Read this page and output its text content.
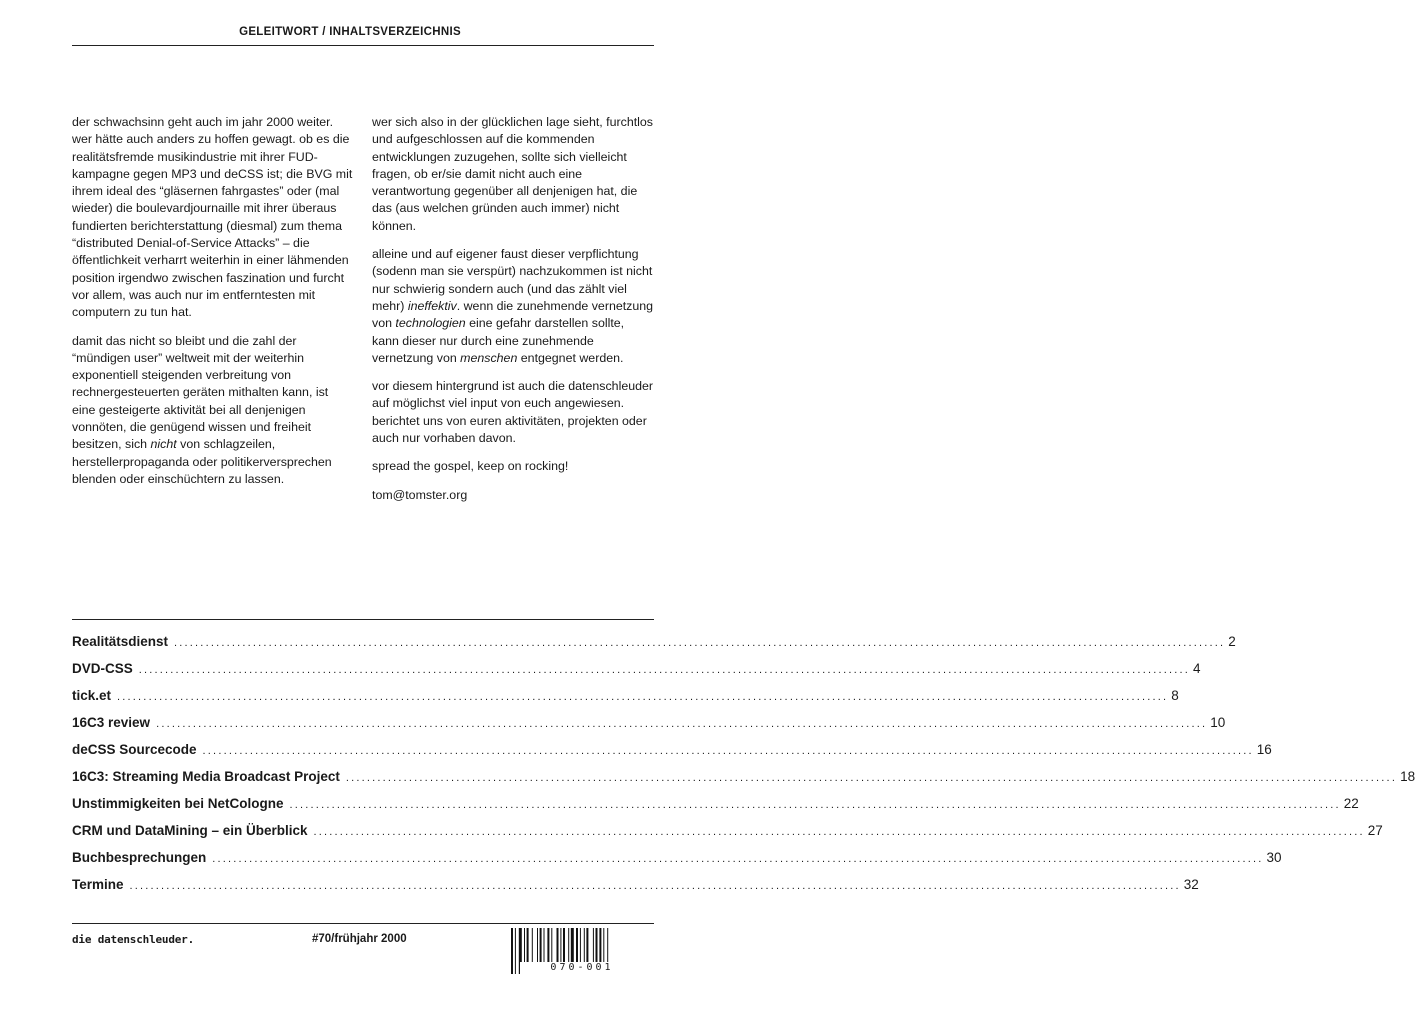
GELEITWORT / INHALTSVERZEICHNIS

der schwachsinn geht auch im jahr 2000 weiter. wer hätte auch anders zu hoffen gewagt. ob es die realitätsfremde musikindustrie mit ihrer FUD-kampagne gegen MP3 und deCSS ist; die BVG mit ihrem ideal des “gläsernen fahrgastes” oder (mal wieder) die boulevardjournaille mit ihrer überaus fundierten berichterstattung (diesmal) zum thema “distributed Denial-of-Service Attacks” – die öffentlichkeit verharrt weiterhin in einer lähmenden position irgendwo zwischen faszination und furcht vor allem, was auch nur im entferntesten mit computern zu tun hat.

damit das nicht so bleibt und die zahl der “mündigen user” weltweit mit der weiterhin exponentiell steigenden verbreitung von rechnergesteuerten geräten mithalten kann, ist eine gesteigerte aktivität bei all denjenigen vonnöten, die genügend wissen und freiheit besitzen, sich nicht von schlagzeilen, herstellerpropaganda oder politikerversprechen blenden oder einschüchtern zu lassen.

wer sich also in der glücklichen lage sieht, furchtlos und aufgeschlossen auf die kommenden entwicklungen zuzugehen, sollte sich vielleicht fragen, ob er/sie damit nicht auch eine verantwortung gegenüber all denjenigen hat, die das (aus welchen gründen auch immer) nicht können.

alleine und auf eigener faust dieser verpflichtung (sodenn man sie verspürt) nachzukommen ist nicht nur schwierig sondern auch (und das zählt viel mehr) ineffektiv. wenn die zunehmende vernetzung von technologien eine gefahr darstellen sollte, kann dieser nur durch eine zunehmende vernetzung von menschen entgegnet werden.

vor diesem hintergrund ist auch die datenschleuder auf möglichst viel input von euch angewiesen. berichtet uns von euren aktivitäten, projekten oder auch nur vorhaben davon.

spread the gospel, keep on rocking!

tom@tomster.org

Realitätsdienst ........................................................................................................................................................................................................ 2
DVD-CSS ........................................................................................................................................................................................................ 4
tick.et ........................................................................................................................................................................................................ 8
16C3 review ........................................................................................................................................................................................................ 10
deCSS Sourcecode ........................................................................................................................................................................................................ 16
16C3: Streaming Media Broadcast Project ........................................................................................................................................................................................................ 18
Unstimmigkeiten bei NetCologne ........................................................................................................................................................................................................ 22
CRM und DataMining – ein Überblick ........................................................................................................................................................................................................ 27
Buchbesprechungen ........................................................................................................................................................................................................ 30
Termine ........................................................................................................................................................................................................ 32
die datenschleuder.	#70/frühjahr 2000
070-001
